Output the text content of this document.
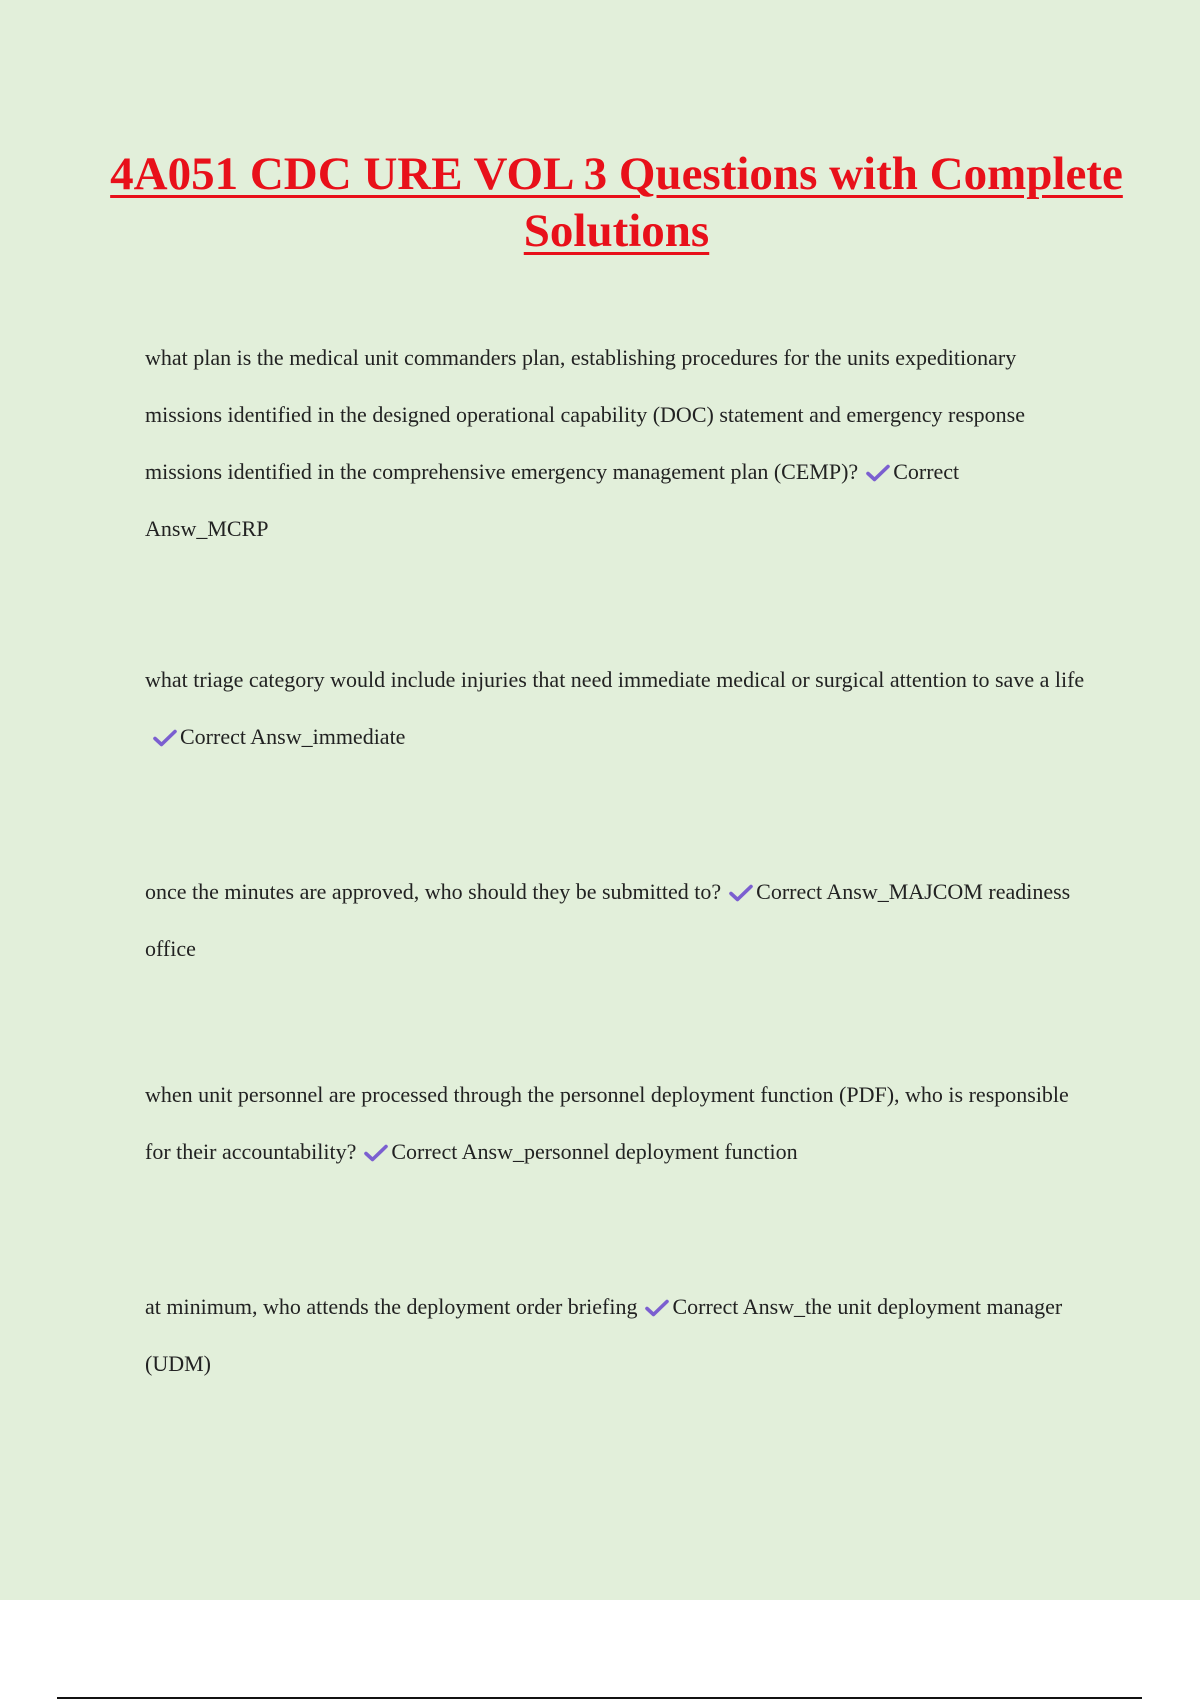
4A051 CDC URE VOL 3 Questions with Complete Solutions

what plan is the medical unit commanders plan, establishing procedures for the units expeditionary missions identified in the designed operational capability (DOC) statement and emergency response missions identified in the comprehensive emergency management plan (CEMP)? Correct Answ_MCRP

what triage category would include injuries that need immediate medical or surgical attention to save a lifeCorrect Answ_immediate

once the minutes are approved, who should they be submitted to? Correct Answ_MAJCOM readiness office

when unit personnel are processed through the personnel deployment function (PDF), who is responsible for their accountability? Correct Answ_personnel deployment function

at minimum, who attends the deployment order briefing Correct Answ_the unit deployment manager (UDM)
